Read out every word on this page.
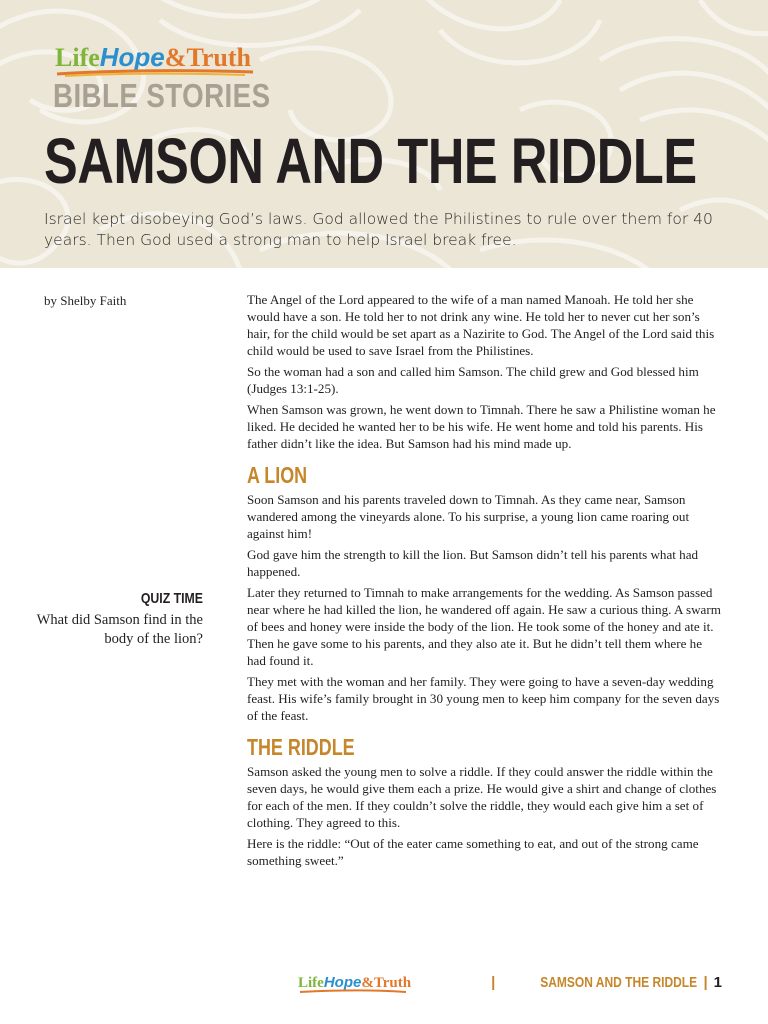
LifeHope&Truth
BIBLE STORIES
SAMSON AND THE RIDDLE
Israel kept disobeying God’s laws. God allowed the Philistines to rule over them for 40 years. Then God used a strong man to help Israel break free.
by Shelby Faith
QUIZ TIME
What did Samson find in the body of the lion?

The Angel of the Lord appeared to the wife of a man named Manoah. He told her she would have a son. He told her to not drink any wine. He told her to never cut her son’s hair, for the child would be set apart as a Nazirite to God. The Angel of the Lord said this child would be used to save Israel from the Philistines.

So the woman had a son and called him Samson. The child grew and God blessed him (Judges 13:1-25).

When Samson was grown, he went down to Timnah. There he saw a Philistine woman he liked. He decided he wanted her to be his wife. He went home and told his parents. His father didn’t like the idea. But Samson had his mind made up.

A LION

Soon Samson and his parents traveled down to Timnah. As they came near, Samson wandered among the vineyards alone. To his surprise, a young lion came roaring out against him!

God gave him the strength to kill the lion. But Samson didn’t tell his parents what had happened.

Later they returned to Timnah to make arrangements for the wedding. As Samson passed near where he had killed the lion, he wandered off again. He saw a curious thing. A swarm of bees and honey were inside the body of the lion. He took some of the honey and ate it. Then he gave some to his parents, and they also ate it. But he didn’t tell them where he had found it.

They met with the woman and her family. They were going to have a seven-day wedding feast. His wife’s family brought in 30 young men to keep him company for the seven days of the feast.

THE RIDDLE

Samson asked the young men to solve a riddle. If they could answer the riddle within the seven days, he would give them each a prize. He would give a shirt and change of clothes for each of the men. If they couldn’t solve the riddle, they would each give him a set of clothing. They agreed to this.

Here is the riddle: “Out of the eater came something to eat, and out of the strong came something sweet.”

LifeHope&Truth	|	SAMSON AND THE RIDDLE | 1
